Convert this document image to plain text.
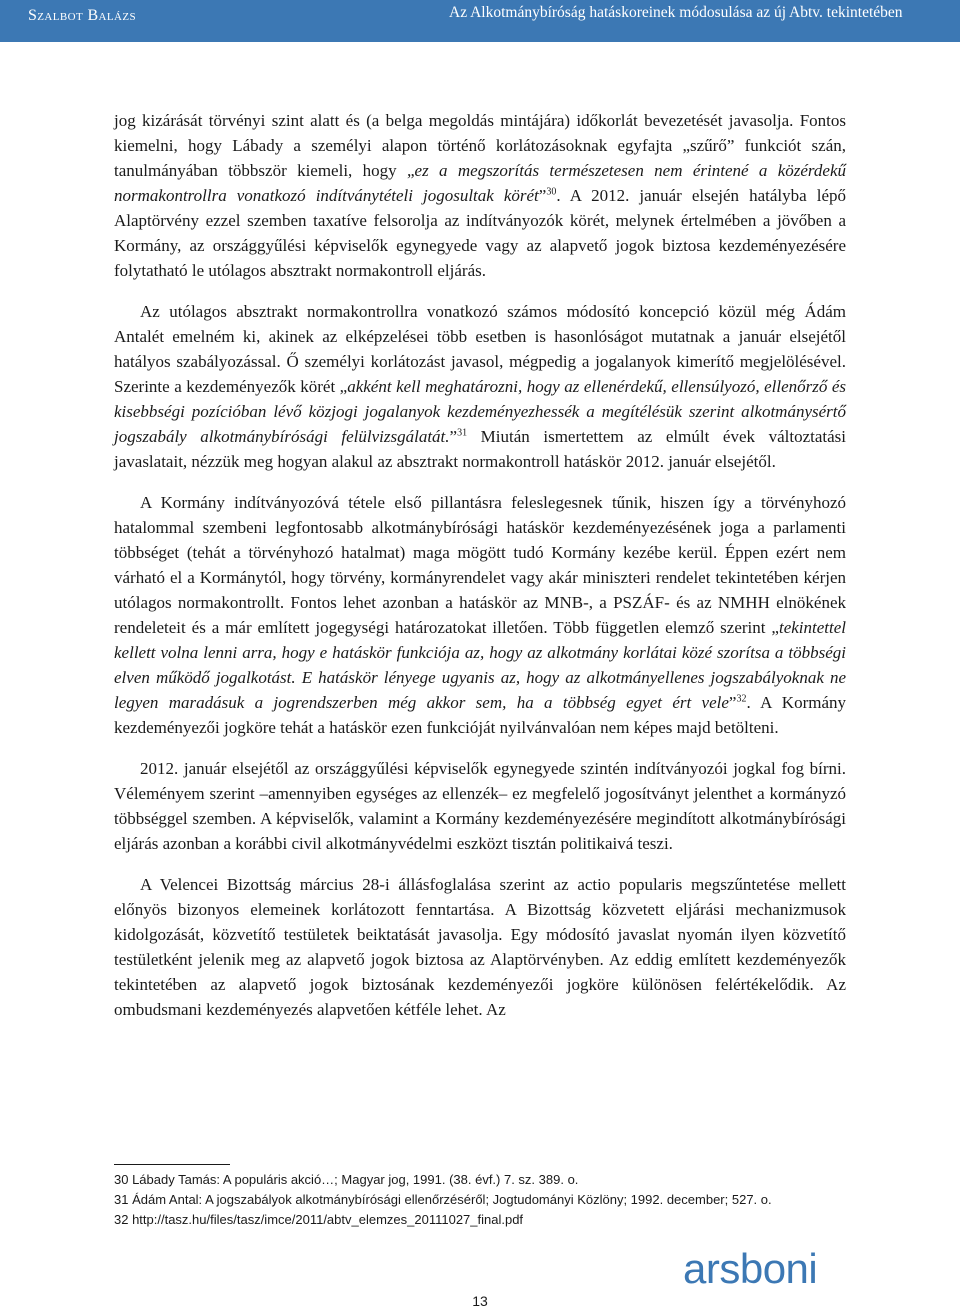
Szalbot Balázs	Az Alkotmánybíróság hatáskoreinek módosulása az új Abtv. tekintetében

jog kizárását törvényi szint alatt és (a belga megoldás mintájára) időkorlát bevezetését javasolja. Fontos kiemelni, hogy Lábady a személyi alapon történő korlátozásoknak egyfajta „szűrő” funkciót szán, tanulmányában többször kiemeli, hogy „ez a megszorítás természetesen nem érintené a közérdekű normakontrollra vonatkozó indítványtételi jogosultak körét”$^{30}$. A 2012. január elsején hatályba lépő Alaptörvény ezzel szemben taxatíve felsorolja az indítványozók körét, melynek értelmében a jövőben a Kormány, az országgyűlési képviselők egynegyede vagy az alapvető jogok biztosa kezdeményezésére folytatható le utólagos absztrakt normakontroll eljárás.

Az utólagos absztrakt normakontrollra vonatkozó számos módosító koncepció közül még Ádám Antalét emelném ki, akinek az elképzelései több esetben is hasonlóságot mutatnak a január elsejétől hatályos szabályozással. Ő személyi korlátozást javasol, mégpedig a jogalanyok kimerítő megjelölésével. Szerinte a kezdeményezők körét „akként kell meghatározni, hogy az ellenérdekű, ellensúlyozó, ellenőrző és kisebbségi pozícióban lévő közjogi jogalanyok kezdeményezhessék a megítélésük szerint alkotmánysértő jogszabály alkotmánybírósági felülvizsgálatát.”$^{31}$ Miután ismertettem az elmúlt évek változtatási javaslatait, nézzük meg hogyan alakul az absztrakt normakontroll hatáskör 2012. január elsejétől.

A Kormány indítványozóvá tétele első pillantásra feleslegesnek tűnik, hiszen így a törvényhozó hatalommal szembeni legfontosabb alkotmánybírósági hatáskör kezdeményezésének joga a parlamenti többséget (tehát a törvényhozó hatalmat) maga mögött tudó Kormány kezébe kerül. Éppen ezért nem várható el a Kormánytól, hogy törvény, kormányrendelet vagy akár miniszteri rendelet tekintetében kérjen utólagos normakontrollt. Fontos lehet azonban a hatáskör az MNB-, a PSZÁF- és az NMHH elnökének rendeleteit és a már említett jogegységi határozatokat illetően. Több független elemző szerint „tekintettel kellett volna lenni arra, hogy e hatáskör funkciója az, hogy az alkotmány korlátai közé szorítsa a többségi elven működő jogalkotást. E hatáskör lényege ugyanis az, hogy az alkotmányellenes jogszabályoknak ne legyen maradásuk a jogrendszerben még akkor sem, ha a többség egyet ért vele”$^{32}$. A Kormány kezdeményezői jogköre tehát a hatáskör ezen funkcióját nyilvánvalóan nem képes majd betölteni.

2012. január elsejétől az országgyűlési képviselők egynegyede szintén indítványozói jogkal fog bírni. Véleményem szerint –amennyiben egységes az ellenzék– ez megfelelő jogosítványt jelenthet a kormányzó többséggel szemben. A képviselők, valamint a Kormány kezdeményezésére megindított alkotmánybírósági eljárás azonban a korábbi civil alkotmányvédelmi eszközt tisztán politikaivá teszi.

A Velencei Bizottság március 28-i állásfoglalása szerint az actio popularis megszűntetése mellett előnyös bizonyos elemeinek korlátozott fenntartása. A Bizottság közvetett eljárási mechanizmusok kidolgozását, közvetítő testületek beiktatását javasolja. Egy módosító javaslat nyomán ilyen közvetítő testületként jelenik meg az alapvető jogok biztosa az Alaptörvényben. Az eddig említett kezdeményezők tekintetében az alapvető jogok biztosának kezdeményezői jogköre különösen felértékelődik. Az ombudsmani kezdeményezés alapvetően kétféle lehet. Az

30 Lábady Tamás: A populáris akció…; Magyar jog, 1991. (38. évf.) 7. sz. 389. o.
31 Ádám Antal: A jogszabályok alkotmánybírósági ellenőrzéséről; Jogtudományi Közlöny; 1992. december; 527. o.
32 http://tasz.hu/files/tasz/imce/2011/abtv_elemzes_20111027_final.pdf
arsboni
13
